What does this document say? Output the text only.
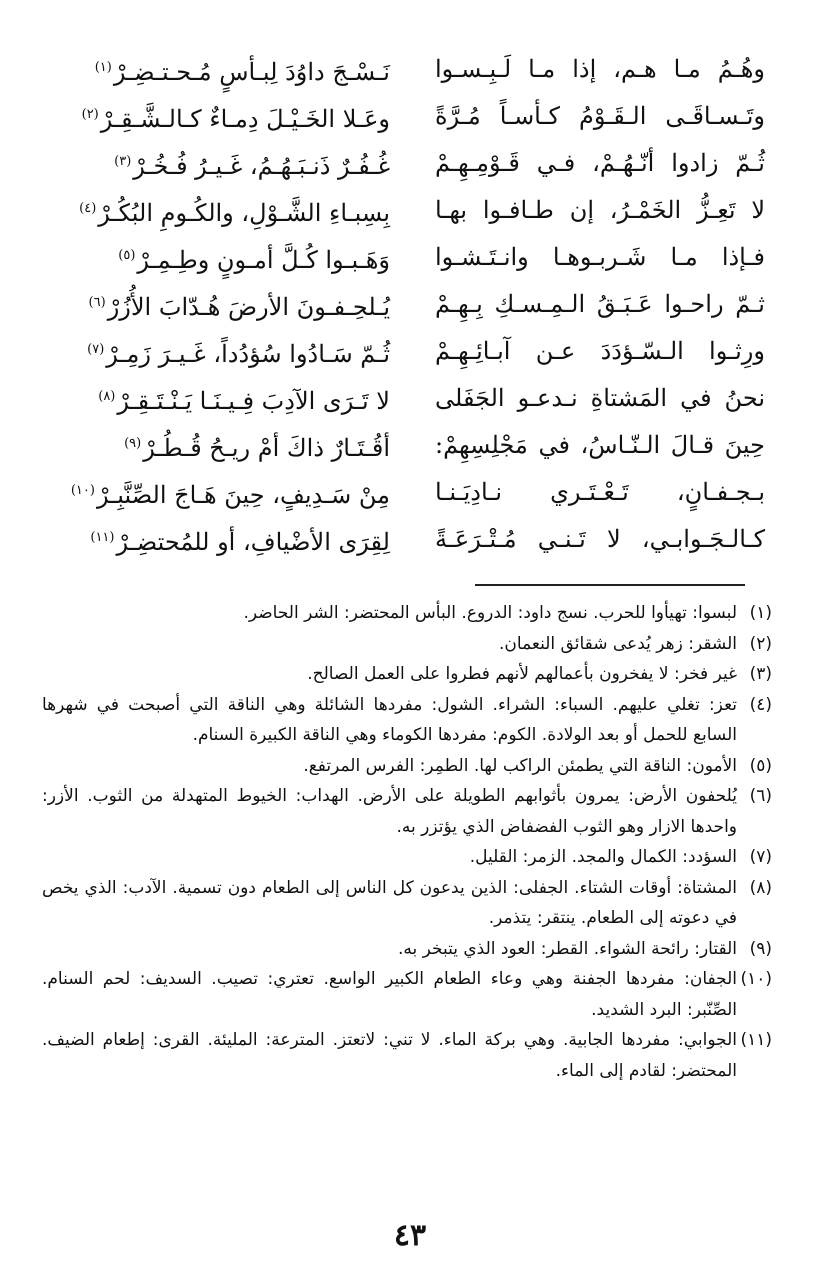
وهُـمُ مـا هـم، إذا مـا لَـبِـسـوا
نَـسْـجَ داوُدَ لِبـأسٍ مُـحـتـضِـرْ$^{(١)}$
وتَـسـاقَـى الـقَـوْمُ كـأسـاً مُـرَّةً
وعَـلا الخَـيْـلَ دِمـاءٌ كـالـشَّـقِـرْ$^{(٢)}$
ثُـمّ زادوا أنّـهُـمْ، فـي قَـوْمِـهِـمْ
غُـفُـرٌ ذَنـبَـهُـمُ، غَـيـرُ فُـخُـرْ$^{(٣)}$
لا تَعِـزُّ الخَمْـرُ، إن طـافـوا بهـا
بِسِبـاءِ الشَّـوْلِ، والكُـومِ البُكُـرْ$^{(٤)}$
فـإذا مـا شَـربـوهـا وانـتَـشـوا
وَهَـبـوا كُـلَّ أمـونٍ وطِـمِـرْ$^{(٥)}$
ثـمّ راحـوا عَـبَـقُ الـمِـسـكِ بِـهِـمْ
يُـلحِـفـونَ الأرضَ هُـدّابَ الأُزُرْ$^{(٦)}$
ورِثـوا الـسّـؤدَدَ عـن آبـائِـهِـمْ
ثُـمّ سَـادُوا سُؤدُداً، غَـيـرَ زَمِـرْ$^{(٧)}$
نحنُ في المَشتاةِ نـدعـو الجَفَلى
لا تَـرَى الآدِبَ فِـيـنَـا يَـنْـتَـقِـرْ$^{(٨)}$
حِينَ قـالَ الـنّـاسُ، في مَجْلِسِهِمْ:
أقُـتَـارٌ ذاكَ أمْ ريـحُ قُـطُـرْ$^{(٩)}$
بـجـفـانٍ، تَـعْـتَـري نـادِيَـنـا
مِنْ سَـدِيفٍ، حِينَ هَـاجَ الصِّنَّبِـرْ$^{(١٠)}$
كـالـجَـوابـي، لا تَـنـي مُـتْـرَعَـةً
لِقِرَى الأضْيافِ، أو للمُحتضِـرْ$^{(١١)}$

(١)لبسوا: تهيأوا للحرب. نسج داود: الدروع. البأس المحتضر: الشر الحاضر.

(٢)الشقر: زهر يُدعى شقائق النعمان.

(٣)غير فخر: لا يفخرون بأعمالهم لأنهم فطروا على العمل الصالح.

(٤)تعز: تغلي عليهم. السباء: الشراء. الشول: مفردها الشائلة وهي الناقة التي أصبحت في شهرها السابع للحمل أو بعد الولادة. الكوم: مفردها الكوماء وهي الناقة الكبيرة السنام.

(٥)الأمون: الناقة التي يطمئن الراكب لها. الطمِر: الفرس المرتفع.

(٦)يُلحفون الأرض: يمرون بأثوابهم الطويلة على الأرض. الهداب: الخيوط المتهدلة من الثوب. الأزر: واحدها الازار وهو الثوب الفضفاض الذي يؤتزر به.

(٧)السؤدد: الكمال والمجد. الزمر: القليل.

(٨)المشتاة: أوقات الشتاء. الجفلى: الذين يدعون كل الناس إلى الطعام دون تسمية. الآدب: الذي يخص في دعوته إلى الطعام. ينتقر: يتذمر.

(٩)القتار: رائحة الشواء. القطر: العود الذي يتبخر به.

(١٠)الجفان: مفردها الجفنة وهي وعاء الطعام الكبير الواسع. تعتري: تصيب. السديف: لحم السنام. الصِّنّبر: البرد الشديد.

(١١)الجوابي: مفردها الجابية. وهي بركة الماء. لا تني: لاتعتز. المترعة: المليئة. القرى: إطعام الضيف. المحتضر: لقادم إلى الماء.

٤٣
